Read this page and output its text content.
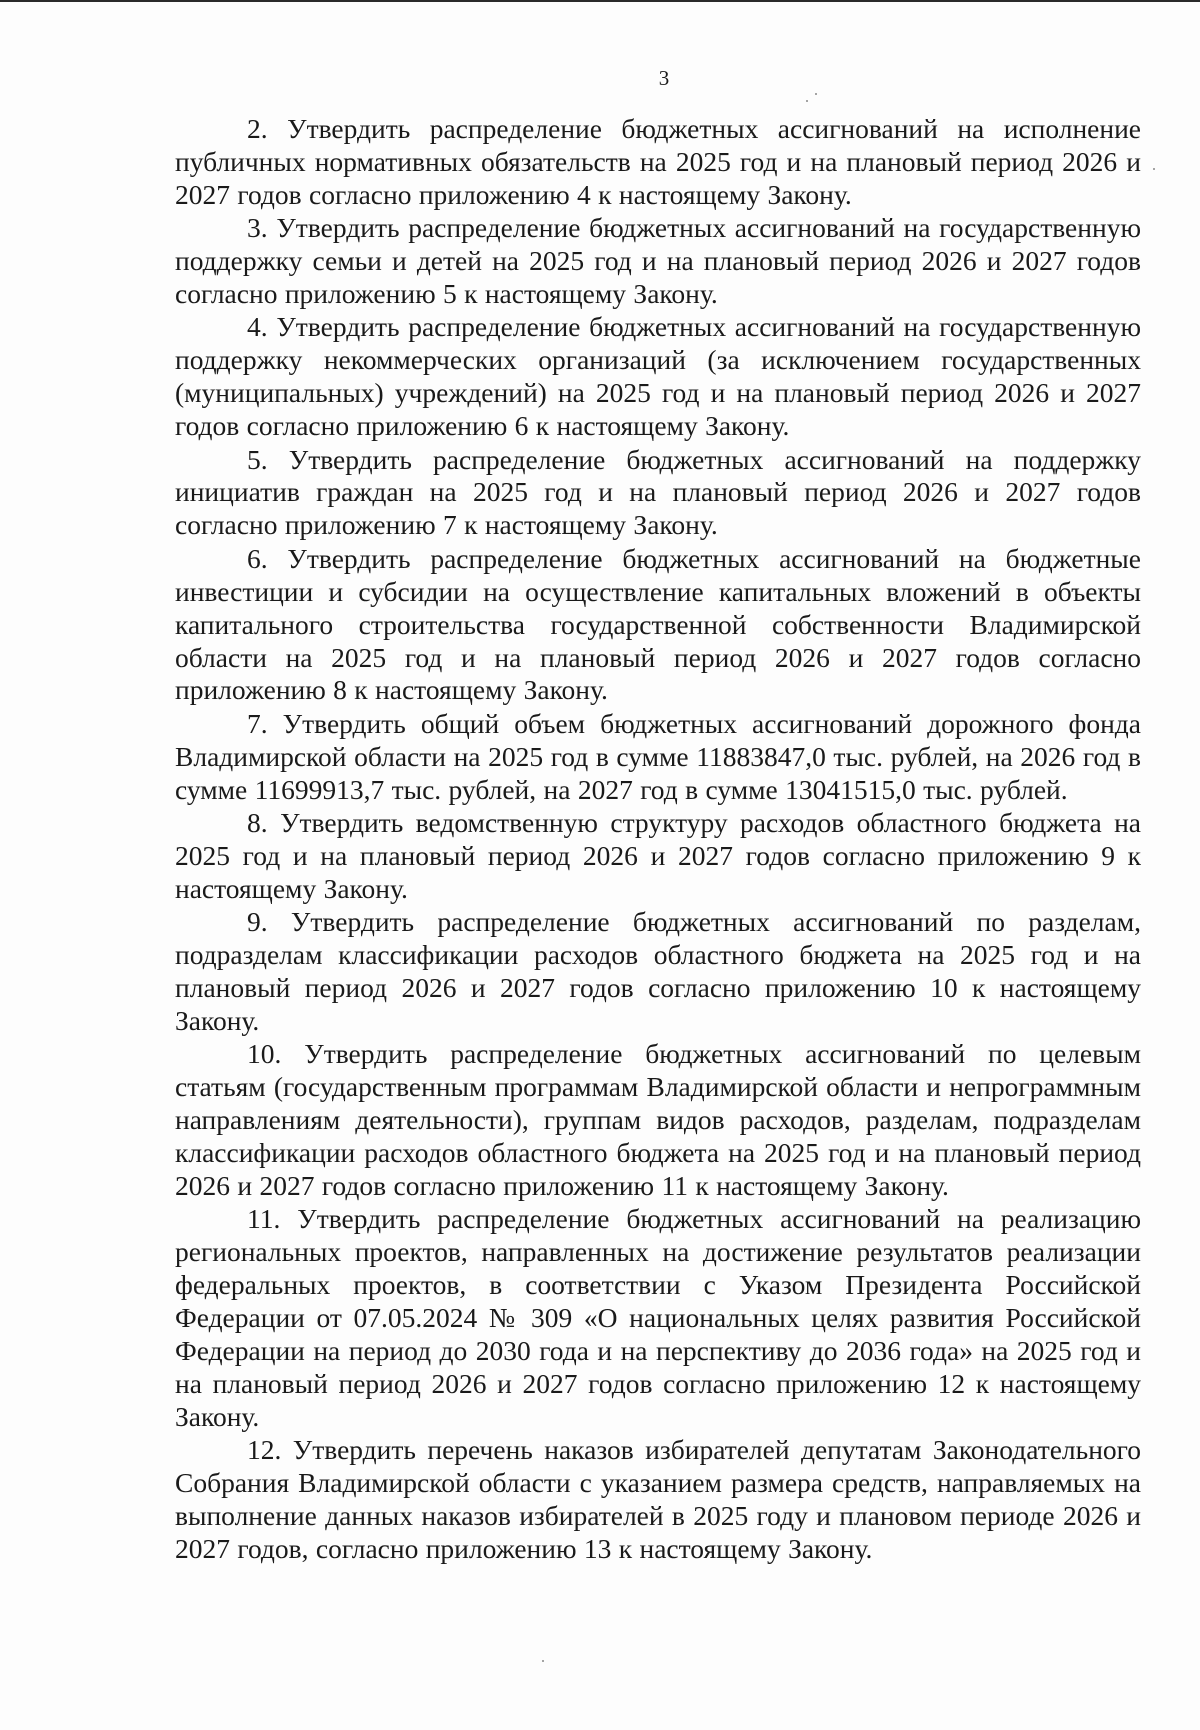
3

2. Утвердить распределение бюджетных ассигнований на исполнение публичных нормативных обязательств на 2025 год и на плановый период 2026 и 2027 годов согласно приложению 4 к настоящему Закону.

3. Утвердить распределение бюджетных ассигнований на государственную поддержку семьи и детей на 2025 год и на плановый период 2026 и 2027 годов согласно приложению 5 к настоящему Закону.

4. Утвердить распределение бюджетных ассигнований на государственную поддержку некоммерческих организаций (за исключением государственных (муниципальных) учреждений) на 2025 год и на плановый период 2026 и 2027 годов согласно приложению 6 к настоящему Закону.

5. Утвердить распределение бюджетных ассигнований на поддержку инициатив граждан на 2025 год и на плановый период 2026 и 2027 годов согласно приложению 7 к настоящему Закону.

6. Утвердить распределение бюджетных ассигнований на бюджетные инвестиции и субсидии на осуществление капитальных вложений в объекты капитального строительства государственной собственности Владимирской области на 2025 год и на плановый период 2026 и 2027 годов согласно приложению 8 к настоящему Закону.

7. Утвердить общий объем бюджетных ассигнований дорожного фонда Владимирской области на 2025 год в сумме 11883847,0 тыс. рублей, на 2026 год в сумме 11699913,7 тыс. рублей, на 2027 год в сумме 13041515,0 тыс. рублей.

8. Утвердить ведомственную структуру расходов областного бюджета на 2025 год и на плановый период 2026 и 2027 годов согласно приложению 9 к настоящему Закону.

9. Утвердить распределение бюджетных ассигнований по разделам, подразделам классификации расходов областного бюджета на 2025 год и на плановый период 2026 и 2027 годов согласно приложению 10 к настоящему Закону.

10. Утвердить распределение бюджетных ассигнований по целевым статьям (государственным программам Владимирской области и непрограммным направлениям деятельности), группам видов расходов, разделам, подразделам классификации расходов областного бюджета на 2025 год и на плановый период 2026 и 2027 годов согласно приложению 11 к настоящему Закону.

11. Утвердить распределение бюджетных ассигнований на реализацию региональных проектов, направленных на достижение результатов реализации федеральных проектов, в соответствии с Указом Президента Российской Федерации от 07.05.2024 № 309 «О национальных целях развития Российской Федерации на период до 2030 года и на перспективу до 2036 года» на 2025 год и на плановый период 2026 и 2027 годов согласно приложению 12 к настоящему Закону.

12. Утвердить перечень наказов избирателей депутатам Законодательного Собрания Владимирской области с указанием размера средств, направляемых на выполнение данных наказов избирателей в 2025 году и плановом периоде 2026 и 2027 годов, согласно приложению 13 к настоящему Закону.
